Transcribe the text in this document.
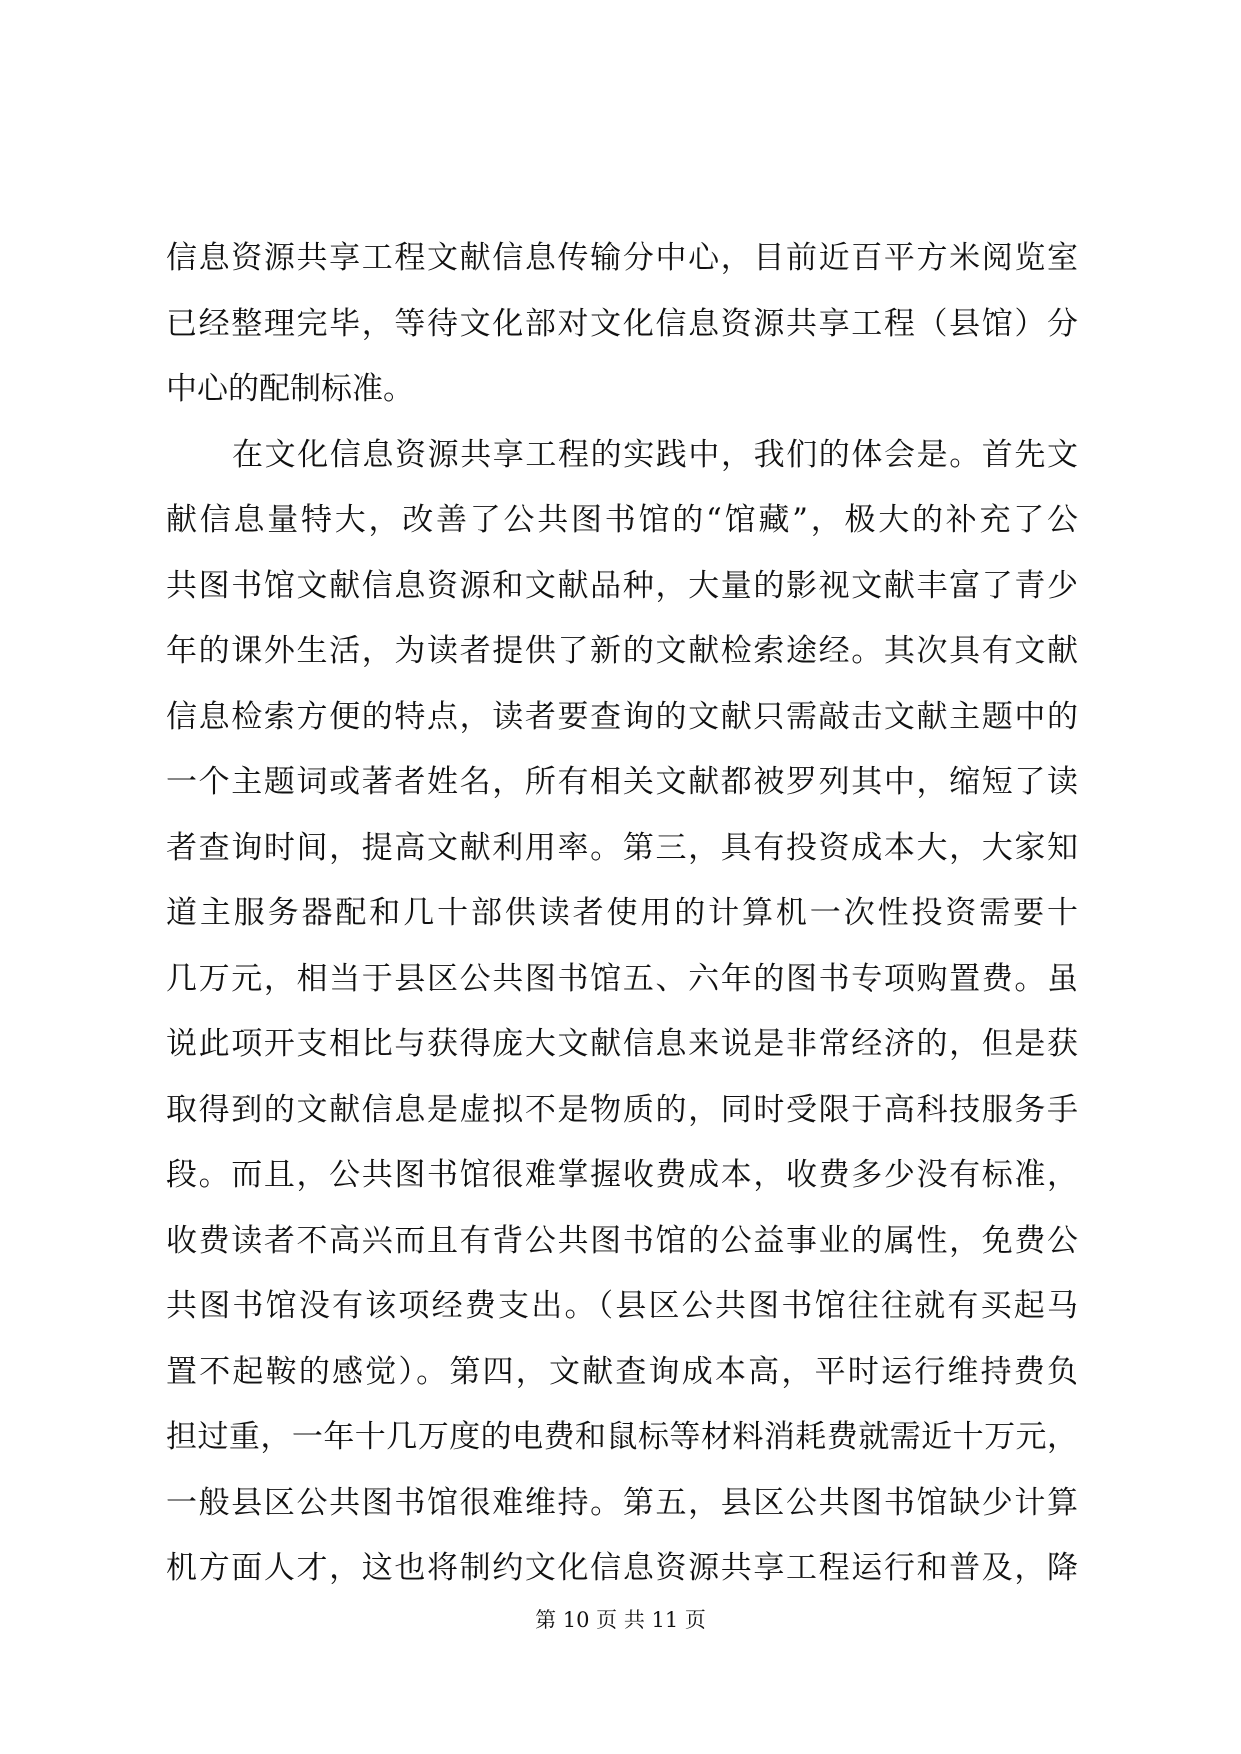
信息资源共享工程文献信息传输分中心，目前近百平方米阅览室
已经整理完毕，等待文化部对文化信息资源共享工程（县馆）分
中心的配制标准。
在文化信息资源共享工程的实践中，我们的体会是。首先文
献信息量特大，改善了公共图书馆的“馆藏”，极大的补充了公
共图书馆文献信息资源和文献品种，大量的影视文献丰富了青少
年的课外生活，为读者提供了新的文献检索途经。其次具有文献
信息检索方便的特点，读者要查询的文献只需敲击文献主题中的
一个主题词或著者姓名，所有相关文献都被罗列其中，缩短了读
者查询时间，提高文献利用率。第三，具有投资成本大，大家知
道主服务器配和几十部供读者使用的计算机一次性投资需要十
几万元，相当于县区公共图书馆五、六年的图书专项购置费。虽
说此项开支相比与获得庞大文献信息来说是非常经济的，但是获
取得到的文献信息是虚拟不是物质的，同时受限于高科技服务手
段。而且，公共图书馆很难掌握收费成本，收费多少没有标准，
收费读者不高兴而且有背公共图书馆的公益事业的属性，免费公
共图书馆没有该项经费支出。（县区公共图书馆往往就有买起马
置不起鞍的感觉）。第四，文献查询成本高，平时运行维持费负
担过重，一年十几万度的电费和鼠标等材料消耗费就需近十万元，
一般县区公共图书馆很难维持。第五，县区公共图书馆缺少计算
机方面人才，这也将制约文化信息资源共享工程运行和普及，降
第 10 页 共 11 页
